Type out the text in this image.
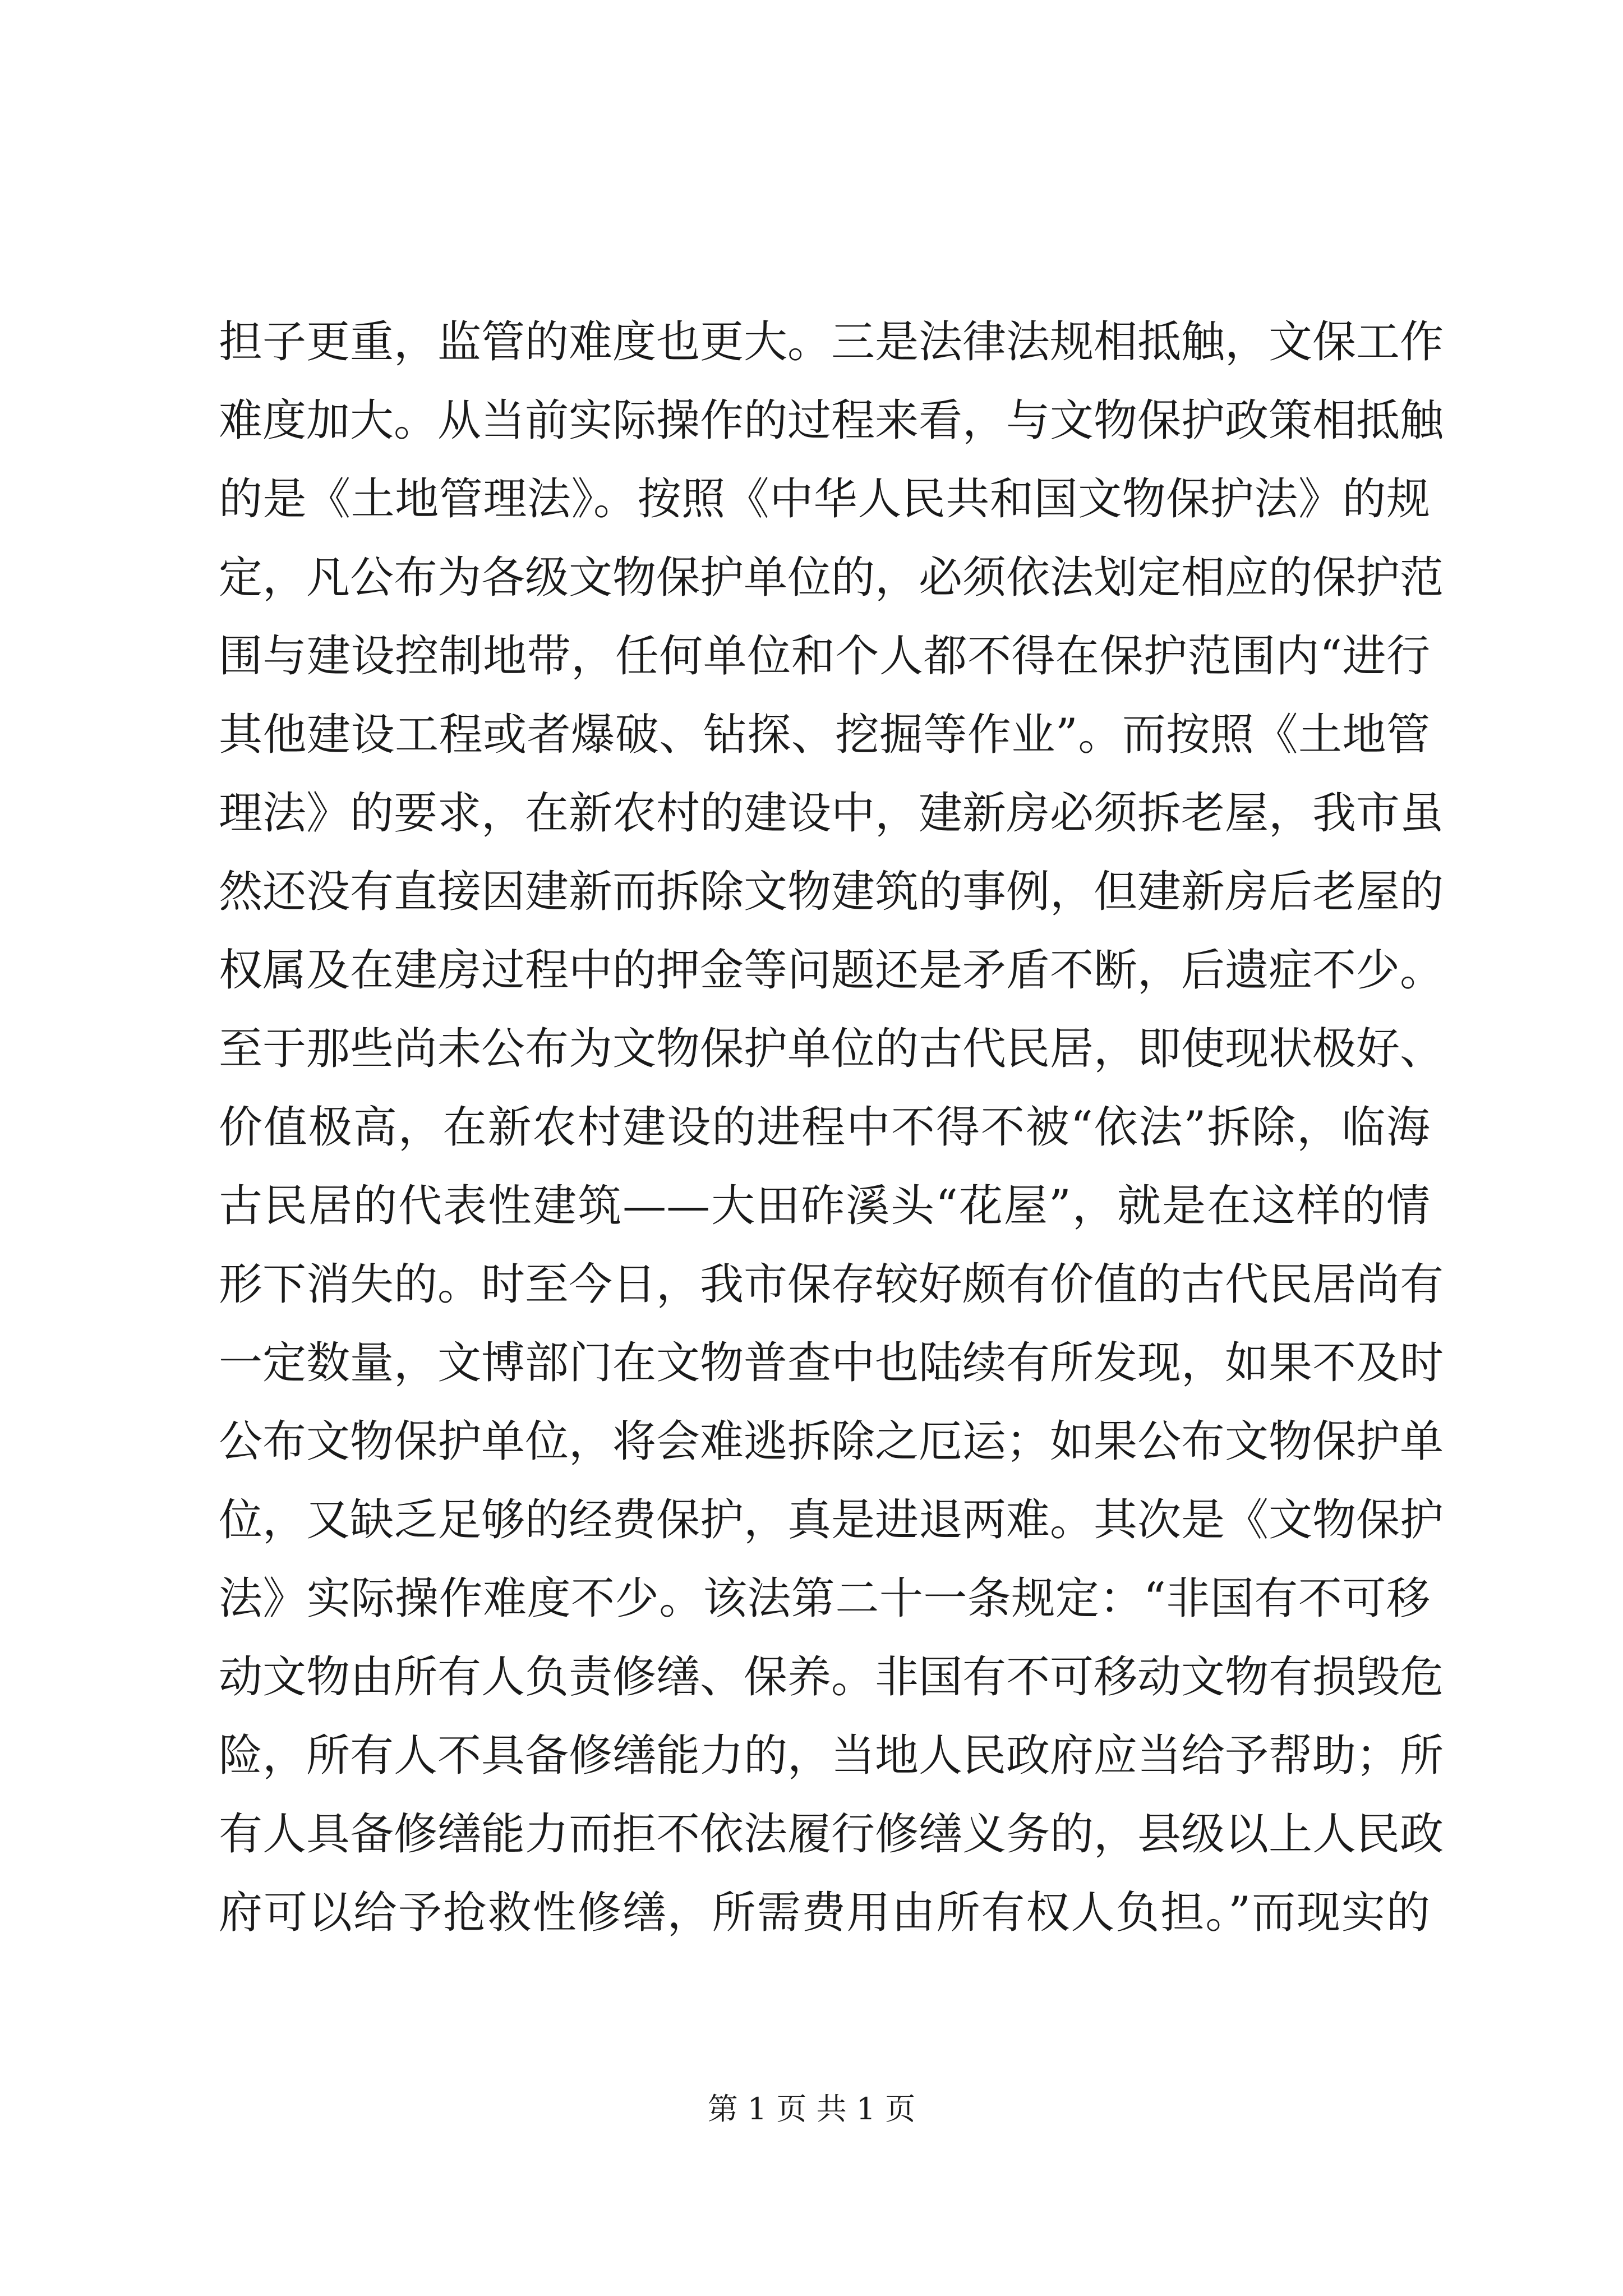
担子更重，监管的难度也更大。三是法律法规相抵触，文保工作
难度加大。从当前实际操作的过程来看，与文物保护政策相抵触
的是《土地管理法》。按照《中华人民共和国文物保护法》的规
定，凡公布为各级文物保护单位的，必须依法划定相应的保护范
围与建设控制地带，任何单位和个人都不得在保护范围内“进行
其他建设工程或者爆破、钻探、挖掘等作业”。而按照《土地管
理法》的要求，在新农村的建设中，建新房必须拆老屋，我市虽
然还没有直接因建新而拆除文物建筑的事例，但建新房后老屋的
权属及在建房过程中的押金等问题还是矛盾不断，后遗症不少。
至于那些尚未公布为文物保护单位的古代民居，即使现状极好、
价值极高，在新农村建设的进程中不得不被“依法”拆除，临海
古民居的代表性建筑——大田砟溪头“花屋”，就是在这样的情
形下消失的。时至今日，我市保存较好颇有价值的古代民居尚有
一定数量，文博部门在文物普查中也陆续有所发现，如果不及时
公布文物保护单位，将会难逃拆除之厄运；如果公布文物保护单
位，又缺乏足够的经费保护，真是进退两难。其次是《文物保护
法》实际操作难度不少。该法第二十一条规定：“非国有不可移
动文物由所有人负责修缮、保养。非国有不可移动文物有损毁危
险，所有人不具备修缮能力的，当地人民政府应当给予帮助；所
有人具备修缮能力而拒不依法履行修缮义务的，县级以上人民政
府可以给予抢救性修缮，所需费用由所有权人负担。”而现实的
第 1 页 共 1 页
